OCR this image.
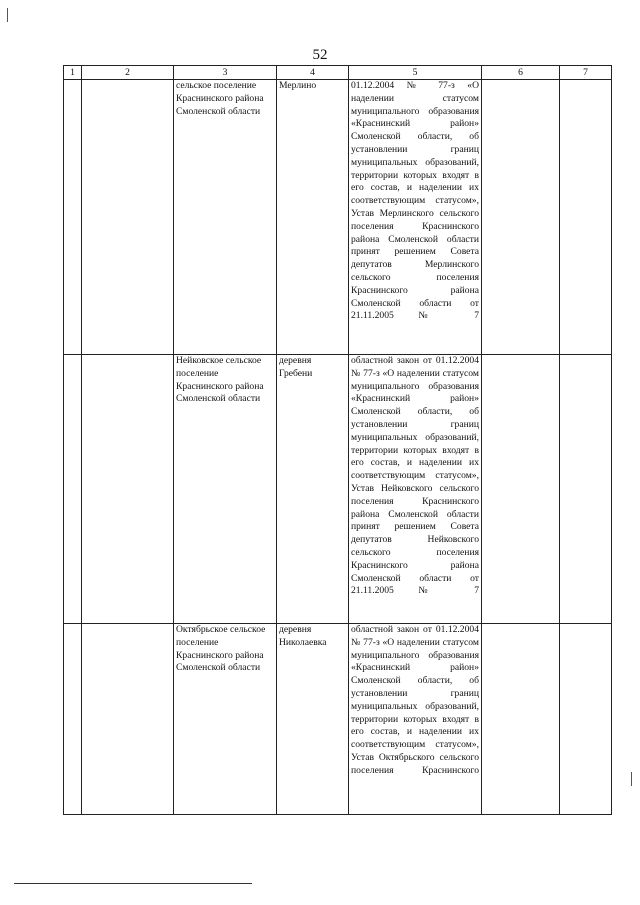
52
1	2	3	4	5	6	7
		сельское поселение Краснинского района Смоленской области	Мерлино	01.12.2004 № 77-з «О наделении статусом муниципального образования «Краснинский район» Смоленской области, об установлении границ муниципальных образований, территории которых входят в его состав, и наделении их соответствующим статусом», Устав Мерлинского сельского поселения Краснинского района Смоленской области принят решением Совета депутатов Мерлинского сельского поселения Краснинского района Смоленской области от 21.11.2005 № 7		
		Нейковское сельское поселение Краснинского района Смоленской области	деревня Гребени	областной закон от 01.12.2004 № 77-з «О наделении статусом муниципального образования «Краснинский район» Смоленской области, об установлении границ муниципальных образований, территории которых входят в его состав, и наделении их соответствующим статусом», Устав Нейковского сельского поселения Краснинского района Смоленской области принят решением Совета депутатов Нейковского сельского поселения Краснинского района Смоленской области от 21.11.2005 № 7		
		Октябрьское сельское поселение Краснинского района Смоленской области	деревня Николаевка	областной закон от 01.12.2004 № 77-з «О наделении статусом муниципального образования «Краснинский район» Смоленской области, об установлении границ муниципальных образований, территории которых входят в его состав, и наделении их соответствующим статусом», Устав Октябрьского сельского поселения Краснинского		
